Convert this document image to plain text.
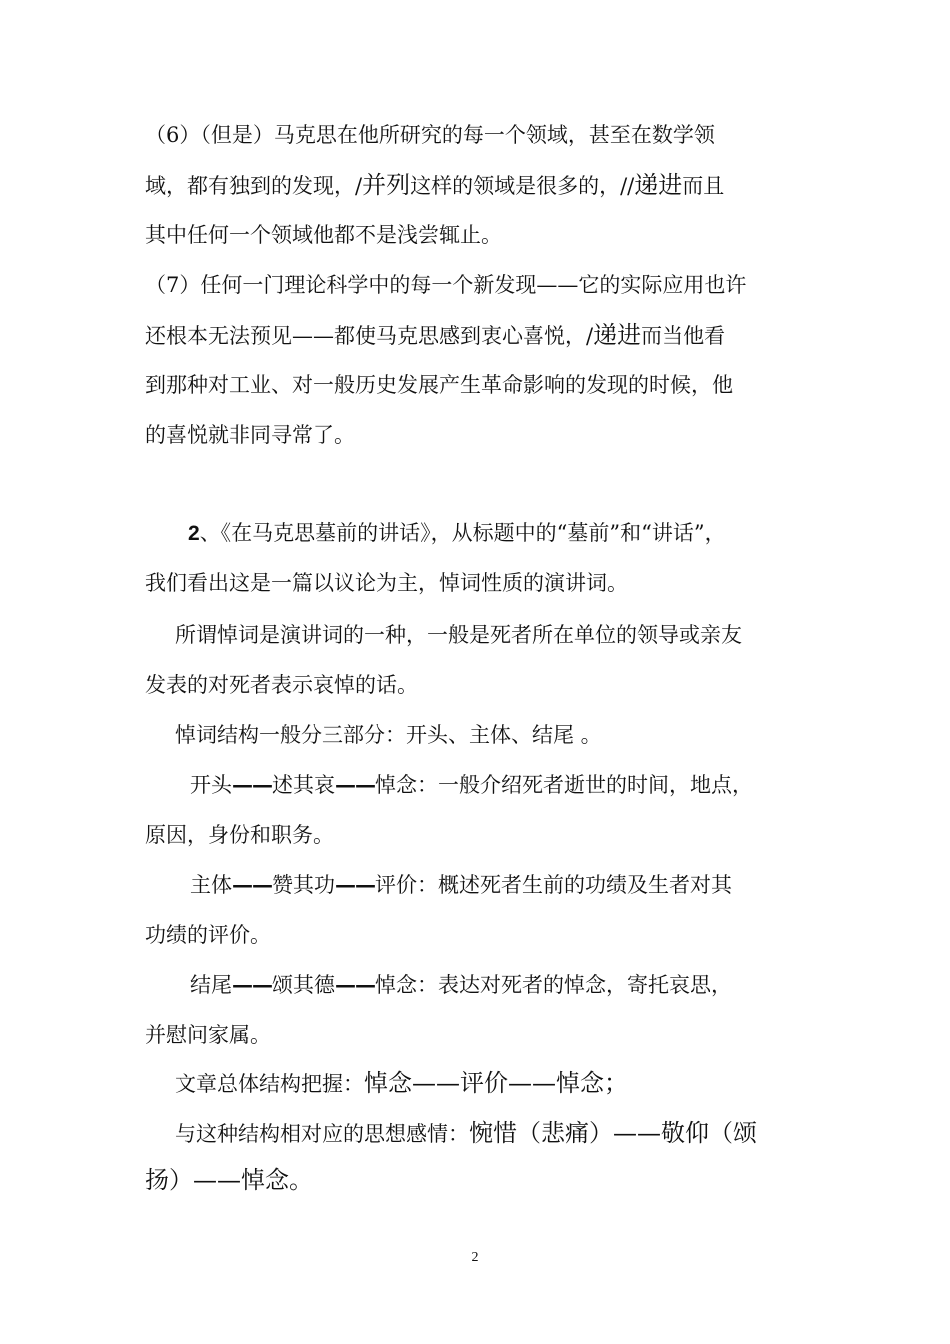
（6）（但是）马克思在他所研究的每一个领域，甚至在数学领
域，都有独到的发现，/并列这样的领域是很多的，//递进而且
其中任何一个领域他都不是浅尝辄止。
（7）任何一门理论科学中的每一个新发现——它的实际应用也许
还根本无法预见——都使马克思感到衷心喜悦，/递进而当他看
到那种对工业、对一般历史发展产生革命影响的发现的时候，他
的喜悦就非同寻常了。
2、《在马克思墓前的讲话》，从标题中的“墓前”和“讲话”，
我们看出这是一篇以议论为主，悼词性质的演讲词。
所谓悼词是演讲词的一种，一般是死者所在单位的领导或亲友
发表的对死者表示哀悼的话。
悼词结构一般分三部分：开头、主体、结尾 。
开头——述其哀——悼念：一般介绍死者逝世的时间，地点，
原因，身份和职务。
主体——赞其功——评价：概述死者生前的功绩及生者对其
功绩的评价。
结尾——颂其德——悼念：表达对死者的悼念，寄托哀思，
并慰问家属。
文章总体结构把握：悼念——评价——悼念；
与这种结构相对应的思想感情：惋惜（悲痛）——敬仰（颂
扬）——悼念。
2
